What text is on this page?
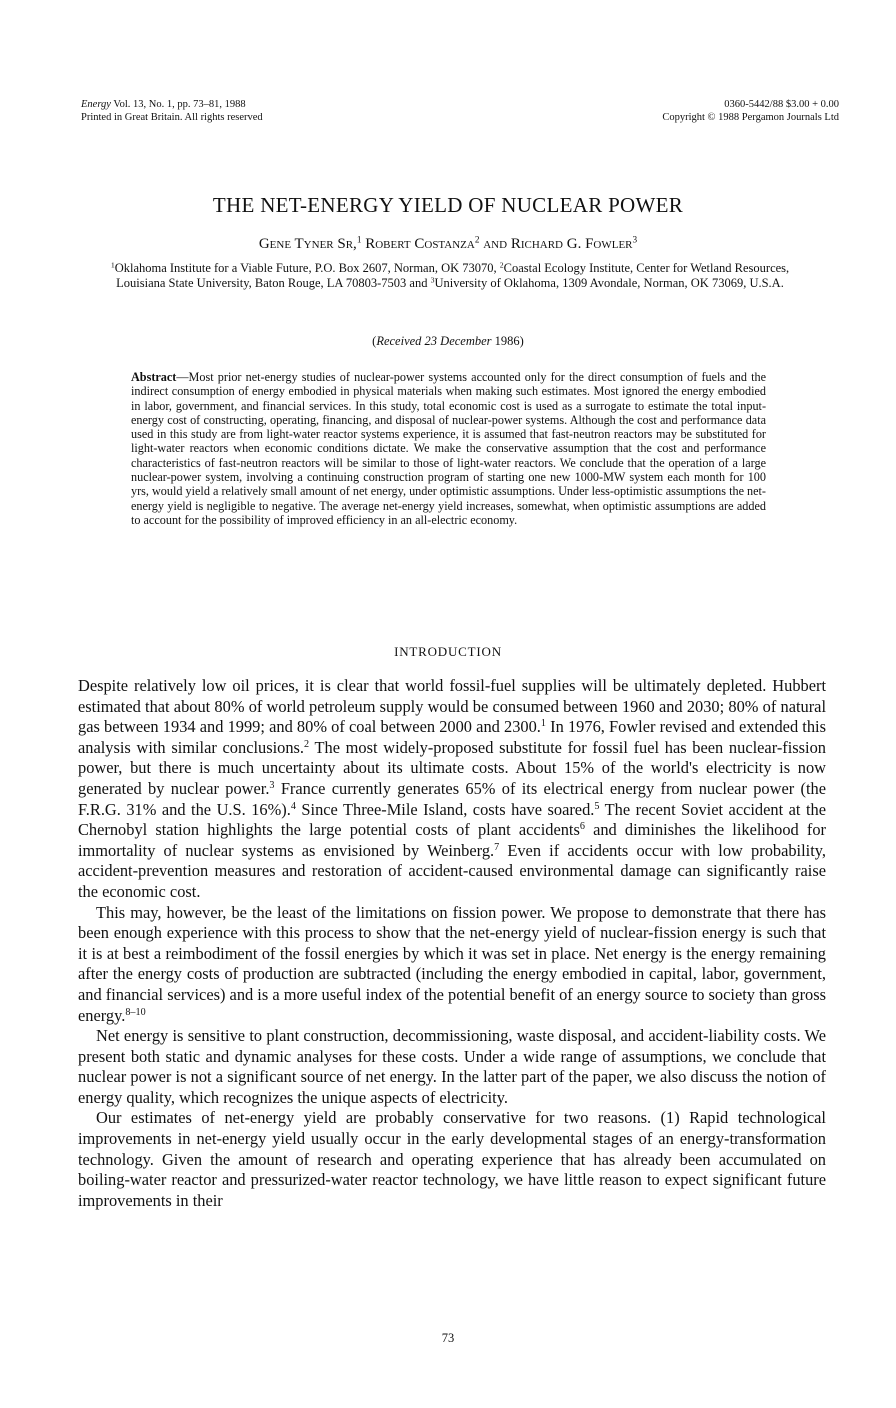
Energy Vol. 13, No. 1, pp. 73–81, 1988
Printed in Great Britain. All rights reserved
0360-5442/88 $3.00 + 0.00
Copyright © 1988 Pergamon Journals Ltd
THE NET-ENERGY YIELD OF NUCLEAR POWER
Gene Tyner Sr,$^1$ Robert Costanza$^2$ and Richard G. Fowler$^3$
$^1$Oklahoma Institute for a Viable Future, P.O. Box 2607, Norman, OK 73070, $^2$Coastal Ecology Institute, Center for Wetland Resources, Louisiana State University, Baton Rouge, LA 70803-7503 and $^3$University of Oklahoma, 1309 Avondale, Norman, OK 73069, U.S.A.
(Received 23 December 1986)
Abstract—Most prior net-energy studies of nuclear-power systems accounted only for the direct consumption of fuels and the indirect consumption of energy embodied in physical materials when making such estimates. Most ignored the energy embodied in labor, government, and financial services. In this study, total economic cost is used as a surrogate to estimate the total input-energy cost of constructing, operating, financing, and disposal of nuclear-power systems. Although the cost and performance data used in this study are from light-water reactor systems experience, it is assumed that fast-neutron reactors may be substituted for light-water reactors when economic conditions dictate. We make the conservative assumption that the cost and performance characteristics of fast-neutron reactors will be similar to those of light-water reactors. We conclude that the operation of a large nuclear-power system, involving a continuing construction program of starting one new 1000-MW system each month for 100 yrs, would yield a relatively small amount of net energy, under optimistic assumptions. Under less-optimistic assumptions the net-energy yield is negligible to negative. The average net-energy yield increases, somewhat, when optimistic assumptions are added to account for the possibility of improved efficiency in an all-electric economy.
INTRODUCTION

Despite relatively low oil prices, it is clear that world fossil-fuel supplies will be ultimately depleted. Hubbert estimated that about 80% of world petroleum supply would be consumed between 1960 and 2030; 80% of natural gas between 1934 and 1999; and 80% of coal between 2000 and 2300.$^1$ In 1976, Fowler revised and extended this analysis with similar conclusions.$^2$ The most widely-proposed substitute for fossil fuel has been nuclear-fission power, but there is much uncertainty about its ultimate costs. About 15% of the world's electricity is now generated by nuclear power.$^3$ France currently generates 65% of its electrical energy from nuclear power (the F.R.G. 31% and the U.S. 16%).$^4$ Since Three-Mile Island, costs have soared.$^5$ The recent Soviet accident at the Chernobyl station highlights the large potential costs of plant accidents$^6$ and diminishes the likelihood for immortality of nuclear systems as envisioned by Weinberg.$^7$ Even if accidents occur with low probability, accident-prevention measures and restoration of accident-caused environmental damage can significantly raise the economic cost.

This may, however, be the least of the limitations on fission power. We propose to demonstrate that there has been enough experience with this process to show that the net-energy yield of nuclear-fission energy is such that it is at best a reimbodiment of the fossil energies by which it was set in place. Net energy is the energy remaining after the energy costs of production are subtracted (including the energy embodied in capital, labor, government, and financial services) and is a more useful index of the potential benefit of an energy source to society than gross energy.$^{8-10}$

Net energy is sensitive to plant construction, decommissioning, waste disposal, and accident-liability costs. We present both static and dynamic analyses for these costs. Under a wide range of assumptions, we conclude that nuclear power is not a significant source of net energy. In the latter part of the paper, we also discuss the notion of energy quality, which recognizes the unique aspects of electricity.

Our estimates of net-energy yield are probably conservative for two reasons. (1) Rapid technological improvements in net-energy yield usually occur in the early developmental stages of an energy-transformation technology. Given the amount of research and operating experience that has already been accumulated on boiling-water reactor and pressurized-water reactor technology, we have little reason to expect significant future improvements in their

73
